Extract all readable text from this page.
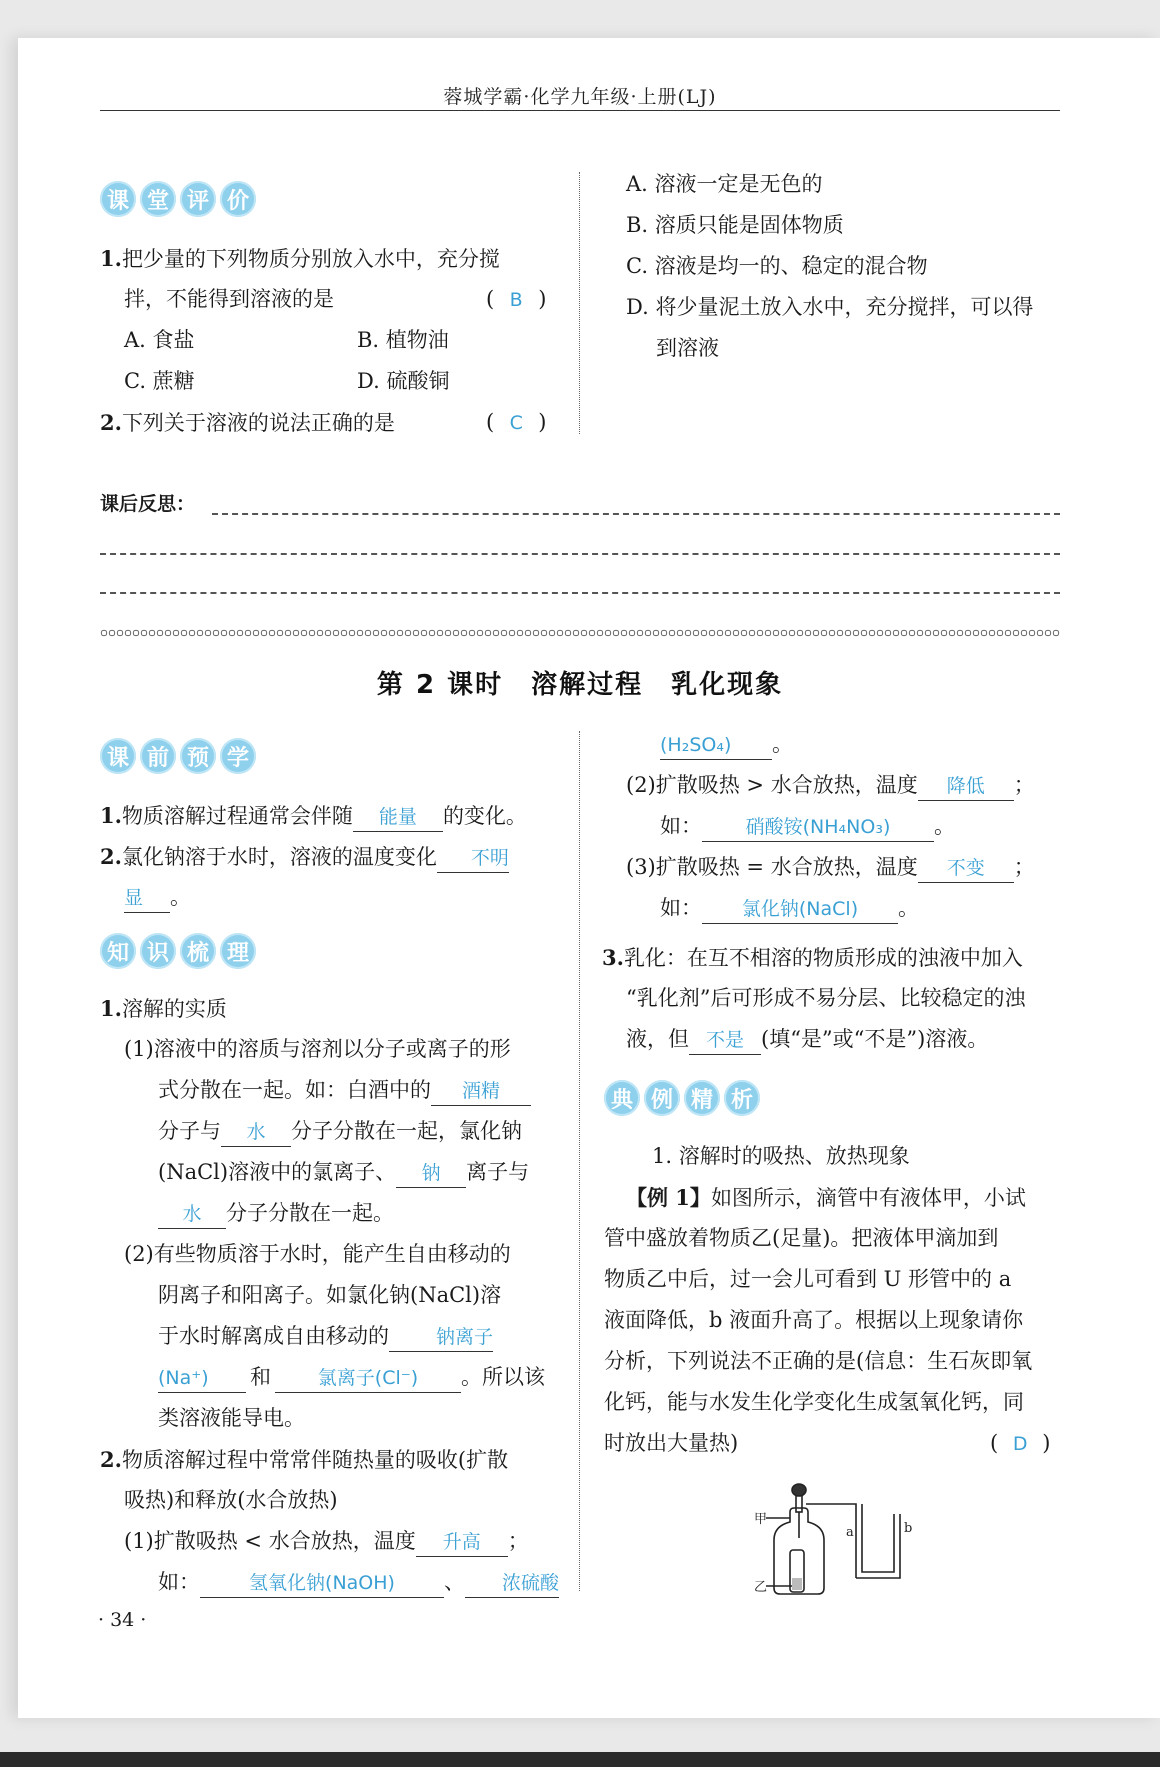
蓉城学霸·化学九年级·上册(LJ)
课 堂 评 价
1.把少量的下列物质分别放入水中，充分搅
拌，不能得到溶液的是	( B )
A. 食盐	B. 植物油
C. 蔗糖	D. 硫酸铜
2.下列关于溶液的说法正确的是	( C )
A. 溶液一定是无色的
B. 溶质只能是固体物质
C. 溶液是均一的、稳定的混合物
D. 将少量泥土放入水中，充分搅拌，可以得
到溶液
课后反思：
第 2 课时　溶解过程　乳化现象
课 前 预 学
1.物质溶解过程通常会伴随 能量 的变化。
2.氯化钠溶于水时，溶液的温度变化 不明
显 。
知 识 梳 理
1.溶解的实质
(1)溶液中的溶质与溶剂以分子或离子的形
式分散在一起。如：白酒中的 酒精
分子与 水 分子分散在一起，氯化钠
(NaCl)溶液中的氯离子、 钠 离子与
水 分子分散在一起。
(2)有些物质溶于水时，能产生自由移动的
阴离子和阳离子。如氯化钠(NaCl)溶
于水时解离成自由移动的 钠离子
(Na⁺) 和 氯离子(Cl⁻) 。所以该
类溶液能导电。
2.物质溶解过程中常常伴随热量的吸收(扩散
吸热)和释放(水合放热)
(1)扩散吸热 < 水合放热，温度 升高 ；
如：	氢氧化钠(NaOH) 、 浓硫酸
(H₂SO₄) 。
(2)扩散吸热 > 水合放热，温度 降低 ；
如： 硝酸铵(NH₄NO₃) 。
(3)扩散吸热 = 水合放热，温度 不变 ；
如： 氯化钠(NaCl) 。
3.乳化：在互不相溶的物质形成的浊液中加入
“乳化剂”后可形成不易分层、比较稳定的浊
液，但 不是 (填“是”或“不是”)溶液。
典 例 精 析
1. 溶解时的吸热、放热现象
【例 1】如图所示，滴管中有液体甲，小试
管中盛放着物质乙(足量)。把液体甲滴加到
物质乙中后，过一会儿可看到 U 形管中的 a
液面降低，b 液面升高了。根据以上现象请你
分析，下列说法不正确的是(信息：生石灰即氧
化钙，能与水发生化学变化生成氢氧化钙，同
时放出大量热)	( D )
甲
乙
a	b
· 34 ·
